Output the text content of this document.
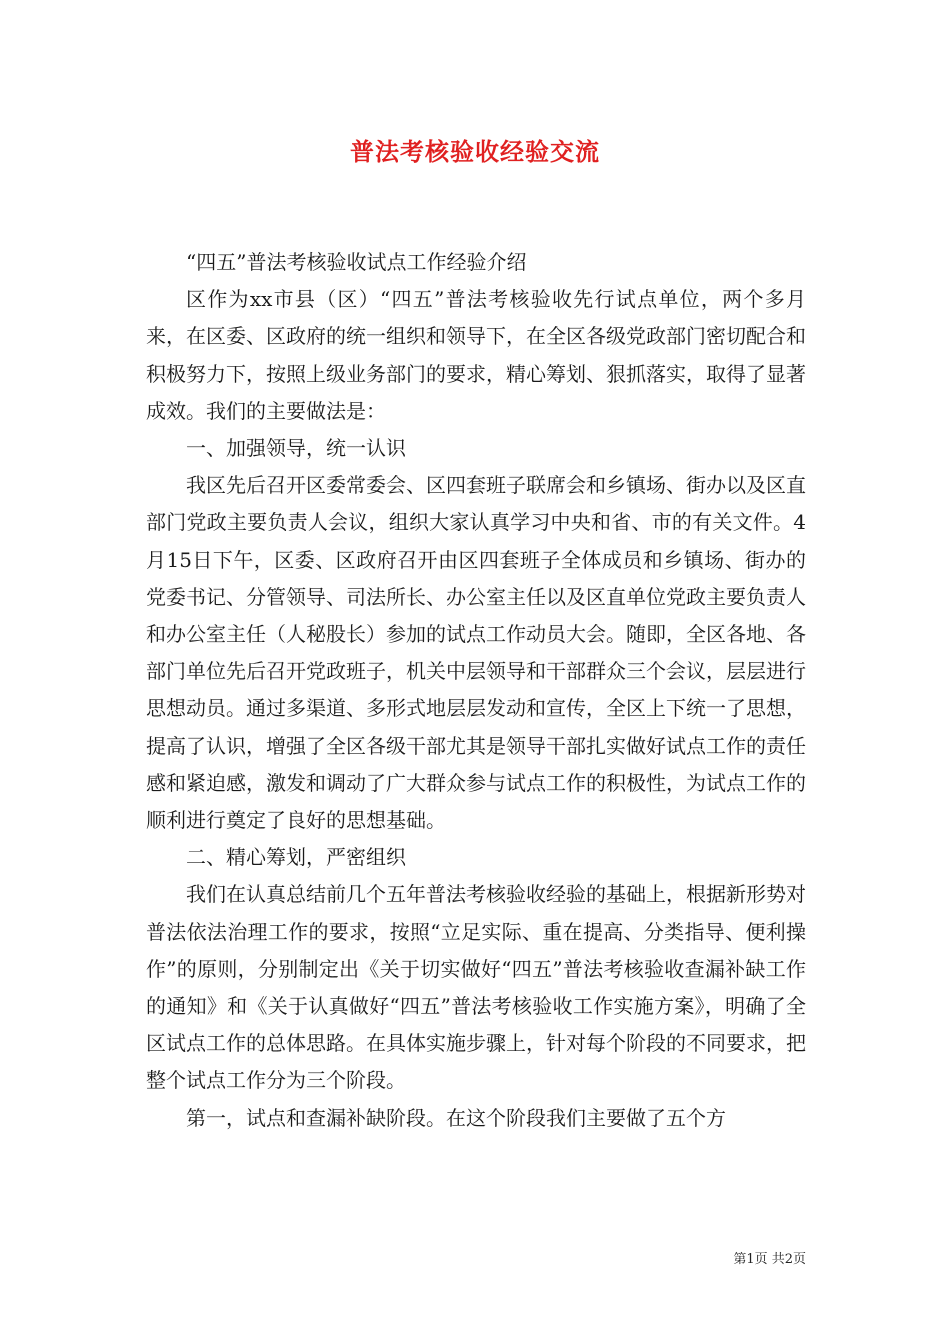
普法考核验收经验交流

“四五”普法考核验收试点工作经验介绍

区作为xx市县（区）“四五”普法考核验收先行试点单位，两个多月来，在区委、区政府的统一组织和领导下，在全区各级党政部门密切配合和积极努力下，按照上级业务部门的要求，精心筹划、狠抓落实，取得了显著成效。我们的主要做法是：

一、加强领导，统一认识

我区先后召开区委常委会、区四套班子联席会和乡镇场、街办以及区直部门党政主要负责人会议，组织大家认真学习中央和省、市的有关文件。4月15日下午，区委、区政府召开由区四套班子全体成员和乡镇场、街办的党委书记、分管领导、司法所长、办公室主任以及区直单位党政主要负责人和办公室主任（人秘股长）参加的试点工作动员大会。随即，全区各地、各部门单位先后召开党政班子，机关中层领导和干部群众三个会议，层层进行思想动员。通过多渠道、多形式地层层发动和宣传，全区上下统一了思想，提高了认识，增强了全区各级干部尤其是领导干部扎实做好试点工作的责任感和紧迫感，激发和调动了广大群众参与试点工作的积极性，为试点工作的顺利进行奠定了良好的思想基础。

二、精心筹划，严密组织

我们在认真总结前几个五年普法考核验收经验的基础上，根据新形势对普法依法治理工作的要求，按照“立足实际、重在提高、分类指导、便利操作”的原则，分别制定出《关于切实做好“四五”普法考核验收查漏补缺工作的通知》和《关于认真做好“四五”普法考核验收工作实施方案》，明确了全区试点工作的总体思路。在具体实施步骤上，针对每个阶段的不同要求，把整个试点工作分为三个阶段。

第一，试点和查漏补缺阶段。在这个阶段我们主要做了五个方

第1页 共2页
